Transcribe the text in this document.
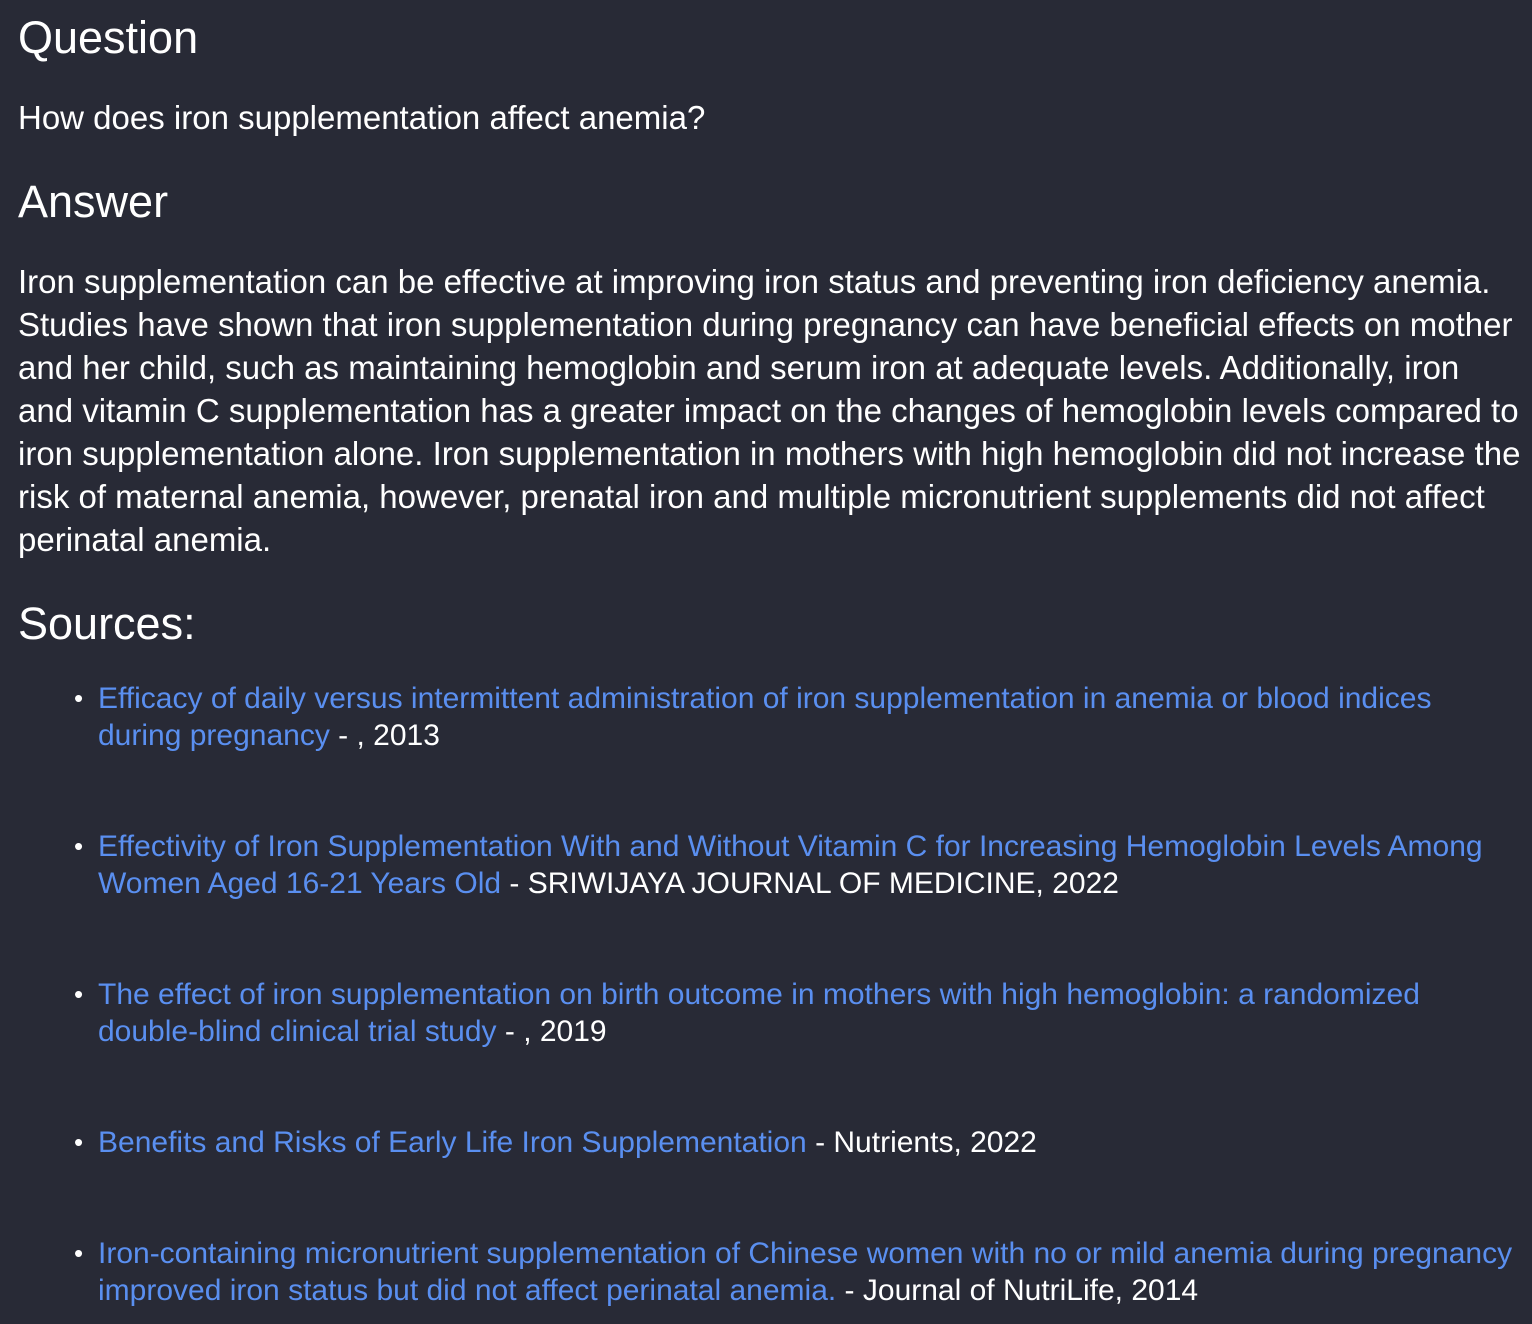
Question

How does iron supplementation affect anemia?

Answer

Iron supplementation can be effective at improving iron status and preventing iron deficiency anemia. Studies have shown that iron supplementation during pregnancy can have beneficial effects on mother and her child, such as maintaining hemoglobin and serum iron at adequate levels. Additionally, iron and vitamin C supplementation has a greater impact on the changes of hemoglobin levels compared to iron supplementation alone. Iron supplementation in mothers with high hemoglobin did not increase the risk of maternal anemia, however, prenatal iron and multiple micronutrient supplements did not affect perinatal anemia.

Sources:
• Efficacy of daily versus intermittent administration of iron supplementation in anemia or blood indices during pregnancy - , 2013
• Effectivity of Iron Supplementation With and Without Vitamin C for Increasing Hemoglobin Levels Among Women Aged 16-21 Years Old - SRIWIJAYA JOURNAL OF MEDICINE, 2022
• The effect of iron supplementation on birth outcome in mothers with high hemoglobin: a randomized double-blind clinical trial study - , 2019
• Benefits and Risks of Early Life Iron Supplementation - Nutrients, 2022
• Iron-containing micronutrient supplementation of Chinese women with no or mild anemia during pregnancy improved iron status but did not affect perinatal anemia. - Journal of NutriLife, 2014
